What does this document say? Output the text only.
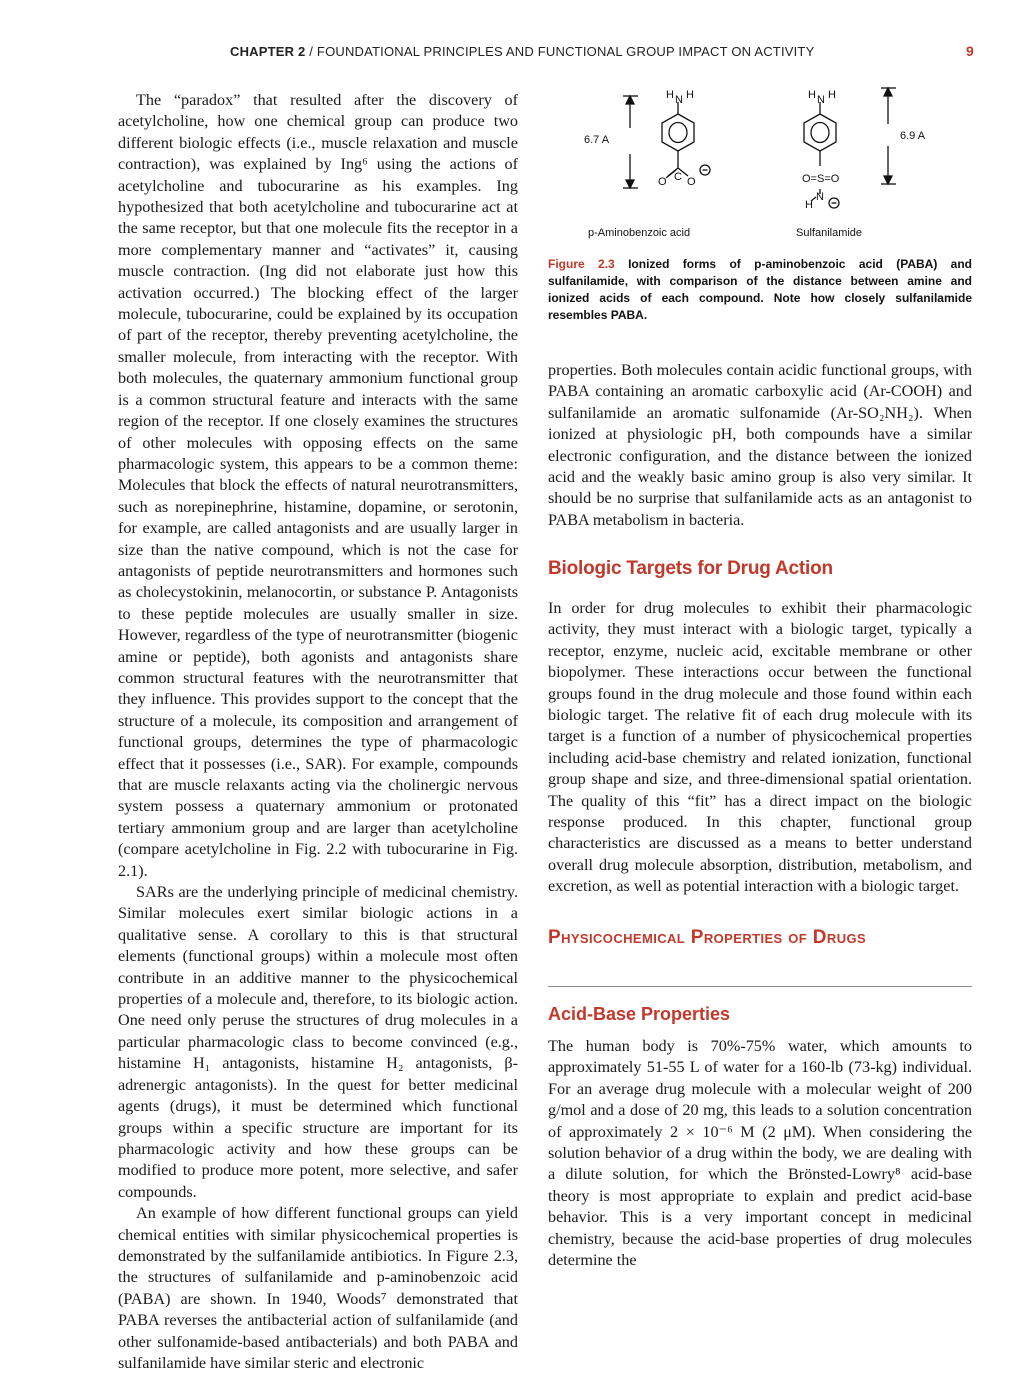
CHAPTER 2 / FOUNDATIONAL PRINCIPLES AND FUNCTIONAL GROUP IMPACT ON ACTIVITY	9

The “paradox” that resulted after the discovery of acetylcholine, how one chemical group can produce two different biologic effects (i.e., muscle relaxation and muscle contraction), was explained by Ing⁶ using the actions of acetylcholine and tubocurarine as his examples. Ing hypothesized that both acetylcholine and tubocurarine act at the same receptor, but that one molecule fits the receptor in a more complementary manner and “activates” it, causing muscle contraction. (Ing did not elaborate just how this activation occurred.) The blocking effect of the larger molecule, tubocurarine, could be explained by its occupation of part of the receptor, thereby preventing acetylcholine, the smaller molecule, from interacting with the receptor. With both molecules, the quaternary ammonium functional group is a common structural feature and interacts with the same region of the receptor. If one closely examines the structures of other molecules with opposing effects on the same pharmacologic system, this appears to be a common theme: Molecules that block the effects of natural neurotransmitters, such as norepinephrine, histamine, dopamine, or serotonin, for example, are called antagonists and are usually larger in size than the native compound, which is not the case for antagonists of peptide neurotransmitters and hormones such as cholecystokinin, melanocortin, or substance P. Antagonists to these peptide molecules are usually smaller in size. However, regardless of the type of neurotransmitter (biogenic amine or peptide), both agonists and antagonists share common structural features with the neurotransmitter that they influence. This provides support to the concept that the structure of a molecule, its composition and arrangement of functional groups, determines the type of pharmacologic effect that it possesses (i.e., SAR). For example, compounds that are muscle relaxants acting via the cholinergic nervous system possess a quaternary ammonium or protonated tertiary ammonium group and are larger than acetylcholine (compare acetylcholine in Fig. 2.2 with tubocurarine in Fig. 2.1).

SARs are the underlying principle of medicinal chemistry. Similar molecules exert similar biologic actions in a qualitative sense. A corollary to this is that structural elements (functional groups) within a molecule most often contribute in an additive manner to the physicochemical properties of a molecule and, therefore, to its biologic action. One need only peruse the structures of drug molecules in a particular pharmacologic class to become convinced (e.g., histamine H₁ antagonists, histamine H₂ antagonists, β-adrenergic antagonists). In the quest for better medicinal agents (drugs), it must be determined which functional groups within a specific structure are important for its pharmacologic activity and how these groups can be modified to produce more potent, more selective, and safer compounds.

An example of how different functional groups can yield chemical entities with similar physicochemical properties is demonstrated by the sulfanilamide antibiotics. In Figure 2.3, the structures of sulfanilamide and p-aminobenzoic acid (PABA) are shown. In 1940, Woods⁷ demonstrated that PABA reverses the antibacterial action of sulfanilamide (and other sulfonamide-based antibacterials) and both PABA and sulfanilamide have similar steric and electronic

H N H
O C O
H N H
O=S=O
N
H
6.7 A	6.9 A
p-Aminobenzoic acid	Sulfanilamide
Figure 2.3 Ionized forms of p-aminobenzoic acid (PABA) and sulfanilamide, with comparison of the distance between amine and ionized acids of each compound. Note how closely sulfanilamide resembles PABA.

properties. Both molecules contain acidic functional groups, with PABA containing an aromatic carboxylic acid (Ar-COOH) and sulfanilamide an aromatic sulfonamide (Ar-SO₂NH₂). When ionized at physiologic pH, both compounds have a similar electronic configuration, and the distance between the ionized acid and the weakly basic amino group is also very similar. It should be no surprise that sulfanilamide acts as an antagonist to PABA metabolism in bacteria.

Biologic Targets for Drug Action

In order for drug molecules to exhibit their pharmacologic activity, they must interact with a biologic target, typically a receptor, enzyme, nucleic acid, excitable membrane or other biopolymer. These interactions occur between the functional groups found in the drug molecule and those found within each biologic target. The relative fit of each drug molecule with its target is a function of a number of physicochemical properties including acid-base chemistry and related ionization, functional group shape and size, and three-dimensional spatial orientation. The quality of this “fit” has a direct impact on the biologic response produced. In this chapter, functional group characteristics are discussed as a means to better understand overall drug molecule absorption, distribution, metabolism, and excretion, as well as potential interaction with a biologic target.

Physicochemical Properties of Drugs
Acid-Base Properties

The human body is 70%-75% water, which amounts to approximately 51-55 L of water for a 160-lb (73-kg) individual. For an average drug molecule with a molecular weight of 200 g/mol and a dose of 20 mg, this leads to a solution concentration of approximately 2 × 10⁻⁶ M (2 μM). When considering the solution behavior of a drug within the body, we are dealing with a dilute solution, for which the Brönsted-Lowry⁸ acid-base theory is most appropriate to explain and predict acid-base behavior. This is a very important concept in medicinal chemistry, because the acid-base properties of drug molecules determine the
